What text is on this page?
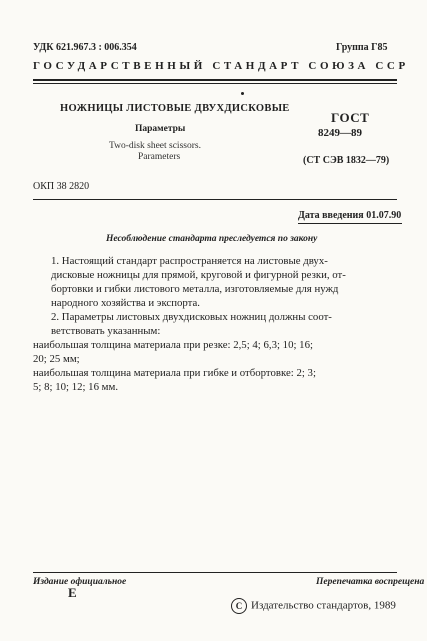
УДК 621.967.3 : 006.354	Группа Г85
ГОСУДАРСТВЕННЫЙ СТАНДАРТ СОЮЗА ССР
НОЖНИЦЫ ЛИСТОВЫЕ ДВУХДИСКОВЫЕ
Параметры
Two-disk sheet scissors.
Parameters
ГОСТ
8249—89
(СТ СЭВ 1832—79)
ОКП 38 2820
Дата введения 01.07.90
Несоблюдение стандарта преследуется по закону

1. Настоящий стандарт распространяется на листовые двух-
дисковые ножницы для прямой, круговой и фигурной резки, от-
бортовки и гибки листового металла, изготовляемые для нужд
народного хозяйства и экспорта.

2. Параметры листовых двухдисковых ножниц должны соот-
ветствовать указанным:

наибольшая толщина материала при резке: 2,5; 4; 6,3; 10; 16;
20; 25 мм;

наибольшая толщина материала при гибке и отбортовке: 2; 3;
5; 8; 10; 12; 16 мм.

Издание официальное	Перепечатка воспрещена
E
C Издательство стандартов, 1989
